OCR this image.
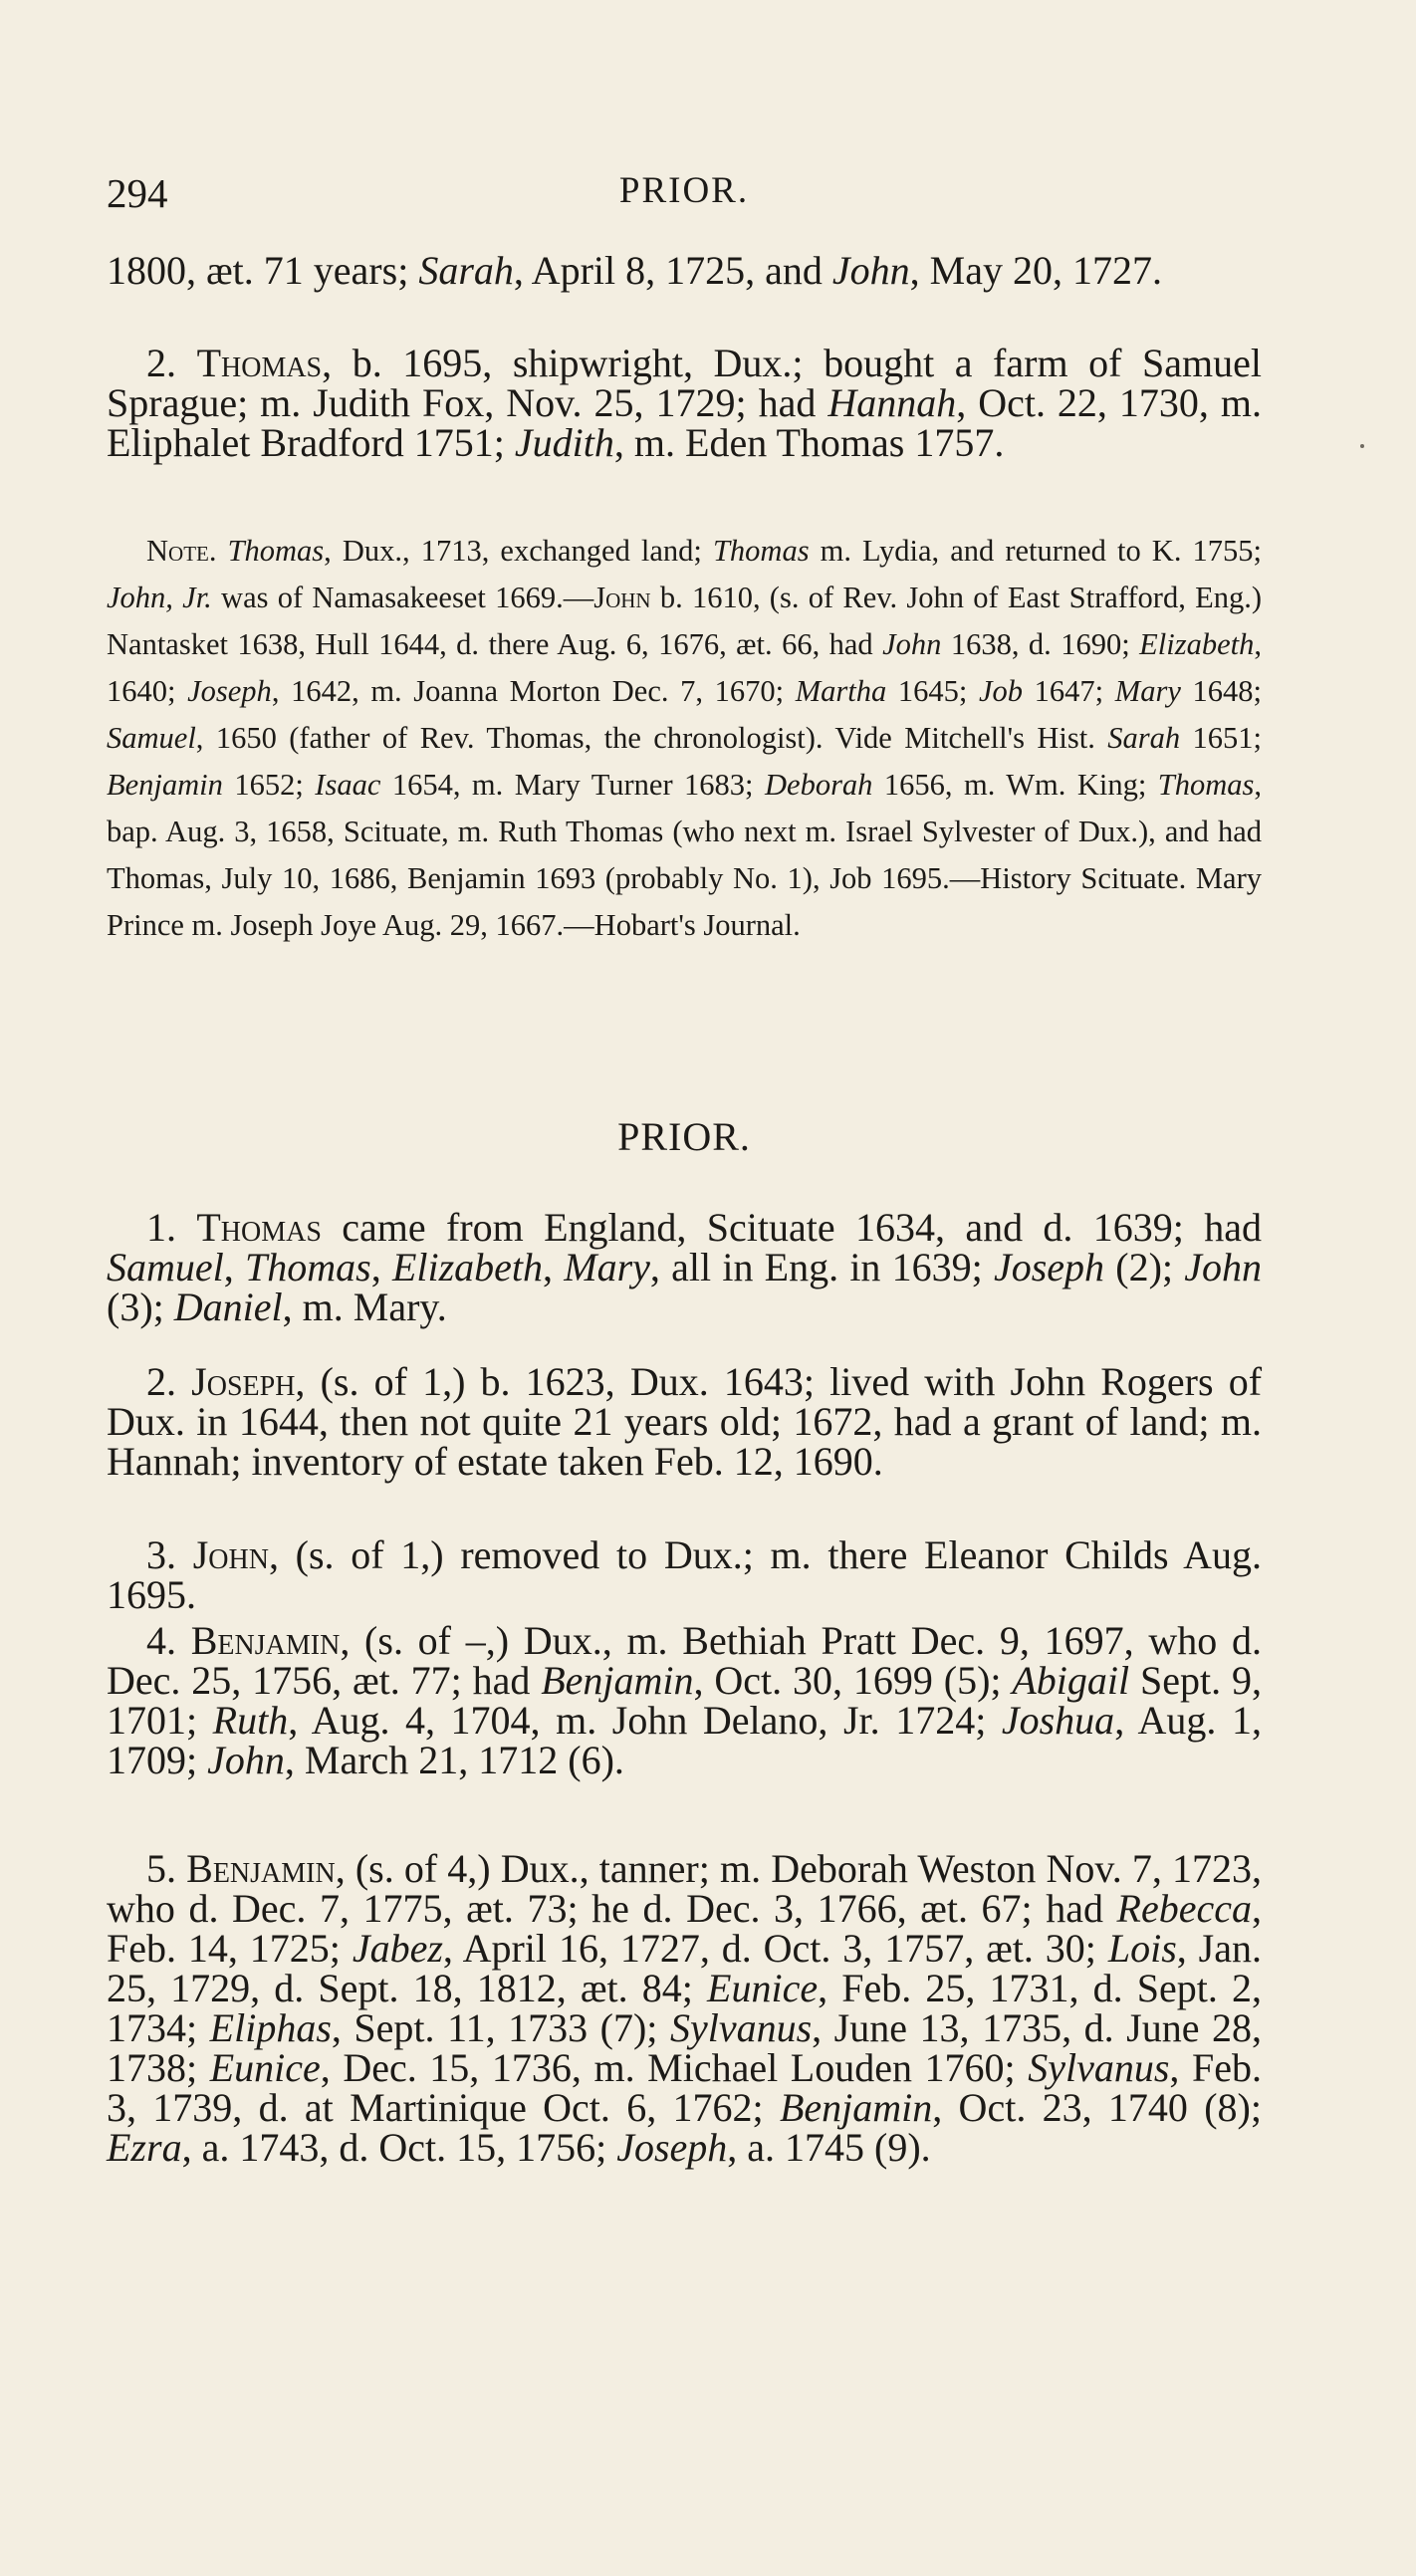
294	PRIOR.

1800, æt. 71 years; Sarah, April 8, 1725, and John, May 20, 1727.

2. Thomas, b. 1695, shipwright, Dux.; bought a farm of Samuel Sprague; m. Judith Fox, Nov. 25, 1729; had Hannah, Oct. 22, 1730, m. Eliphalet Bradford 1751; Judith, m. Eden Thomas 1757.

Note. Thomas, Dux., 1713, exchanged land; Thomas m. Lydia, and returned to K. 1755; John, Jr. was of Namasakeeset 1669.—John b. 1610, (s. of Rev. John of East Strafford, Eng.) Nantasket 1638, Hull 1644, d. there Aug. 6, 1676, æt. 66, had John 1638, d. 1690; Elizabeth, 1640; Joseph, 1642, m. Joanna Morton Dec. 7, 1670; Martha 1645; Job 1647; Mary 1648; Samuel, 1650 (father of Rev. Thomas, the chronologist). Vide Mitchell's Hist. Sarah 1651; Benjamin 1652; Isaac 1654, m. Mary Turner 1683; Deborah 1656, m. Wm. King; Thomas, bap. Aug. 3, 1658, Scituate, m. Ruth Thomas (who next m. Israel Sylvester of Dux.), and had Thomas, July 10, 1686, Benjamin 1693 (probably No. 1), Job 1695.—History Scituate. Mary Prince m. Joseph Joye Aug. 29, 1667.—Hobart's Journal.

PRIOR.

1. Thomas came from England, Scituate 1634, and d. 1639; had Samuel, Thomas, Elizabeth, Mary, all in Eng. in 1639; Joseph (2); John (3); Daniel, m. Mary.

2. Joseph, (s. of 1,) b. 1623, Dux. 1643; lived with John Rogers of Dux. in 1644, then not quite 21 years old; 1672, had a grant of land; m. Hannah; inventory of estate taken Feb. 12, 1690.

3. John, (s. of 1,) removed to Dux.; m. there Eleanor Childs Aug. 1695.

4. Benjamin, (s. of –,) Dux., m. Bethiah Pratt Dec. 9, 1697, who d. Dec. 25, 1756, æt. 77; had Benjamin, Oct. 30, 1699 (5); Abigail Sept. 9, 1701; Ruth, Aug. 4, 1704, m. John Delano, Jr. 1724; Joshua, Aug. 1, 1709; John, March 21, 1712 (6).

5. Benjamin, (s. of 4,) Dux., tanner; m. Deborah Weston Nov. 7, 1723, who d. Dec. 7, 1775, æt. 73; he d. Dec. 3, 1766, æt. 67; had Rebecca, Feb. 14, 1725; Jabez, April 16, 1727, d. Oct. 3, 1757, æt. 30; Lois, Jan. 25, 1729, d. Sept. 18, 1812, æt. 84; Eunice, Feb. 25, 1731, d. Sept. 2, 1734; Eliphas, Sept. 11, 1733 (7); Sylvanus, June 13, 1735, d. June 28, 1738; Eunice, Dec. 15, 1736, m. Michael Louden 1760; Sylvanus, Feb. 3, 1739, d. at Martinique Oct. 6, 1762; Benjamin, Oct. 23, 1740 (8); Ezra, a. 1743, d. Oct. 15, 1756; Joseph, a. 1745 (9).
